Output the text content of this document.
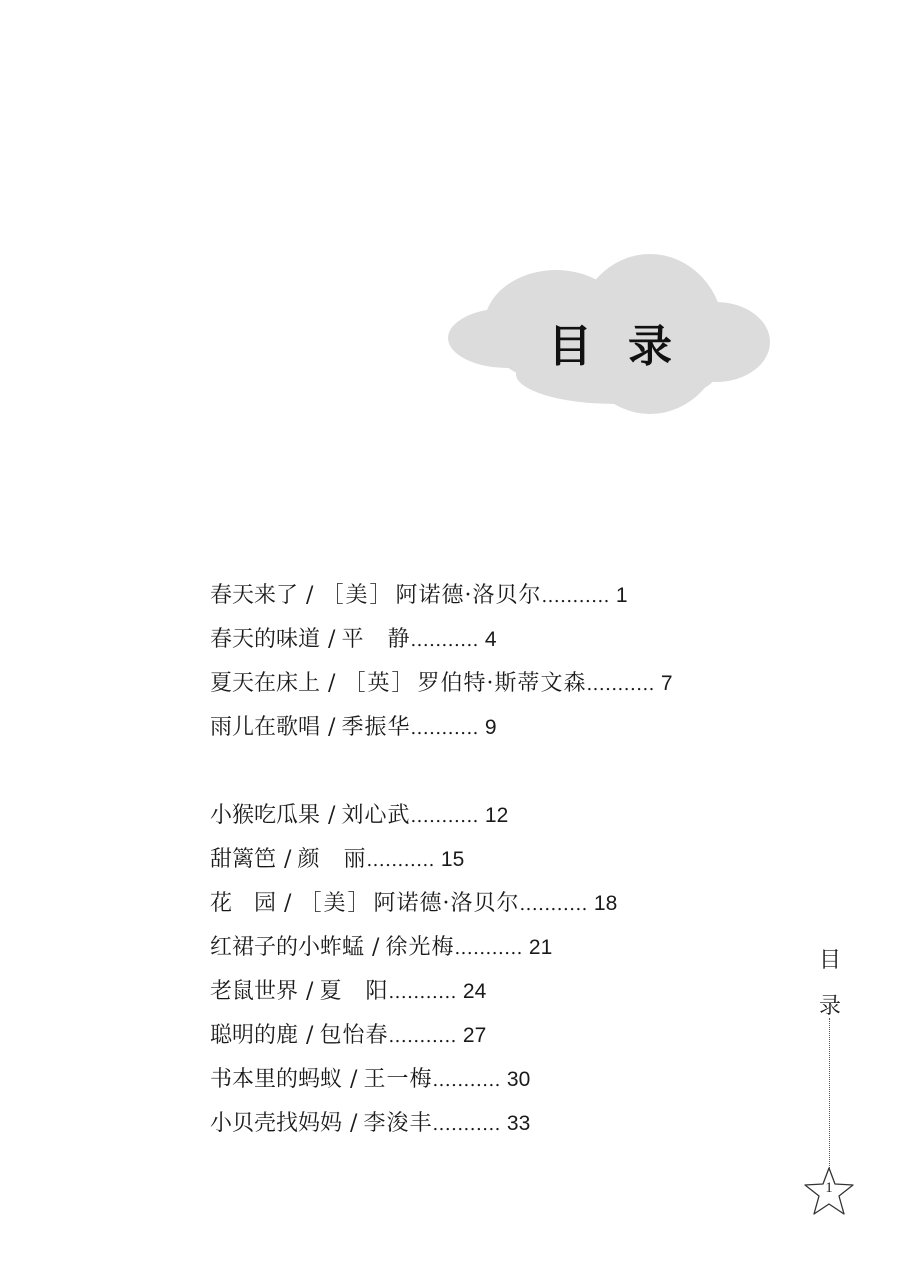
目录
春天来了 / ［美］阿诺德·洛贝尔........... 1
春天的味道 / 平　静........... 4
夏天在床上 / ［英］罗伯特·斯蒂文森........... 7
雨儿在歌唱 / 季振华........... 9
小猴吃瓜果 / 刘心武........... 12
甜篱笆 / 颜　丽........... 15
花　园 / ［美］阿诺德·洛贝尔........... 18
红裙子的小蚱蜢 / 徐光梅........... 21
老鼠世界 / 夏　阳........... 24
聪明的鹿 / 包怡春........... 27
书本里的蚂蚁 / 王一梅........... 30
小贝壳找妈妈 / 李浚丰........... 33
目
录
1
